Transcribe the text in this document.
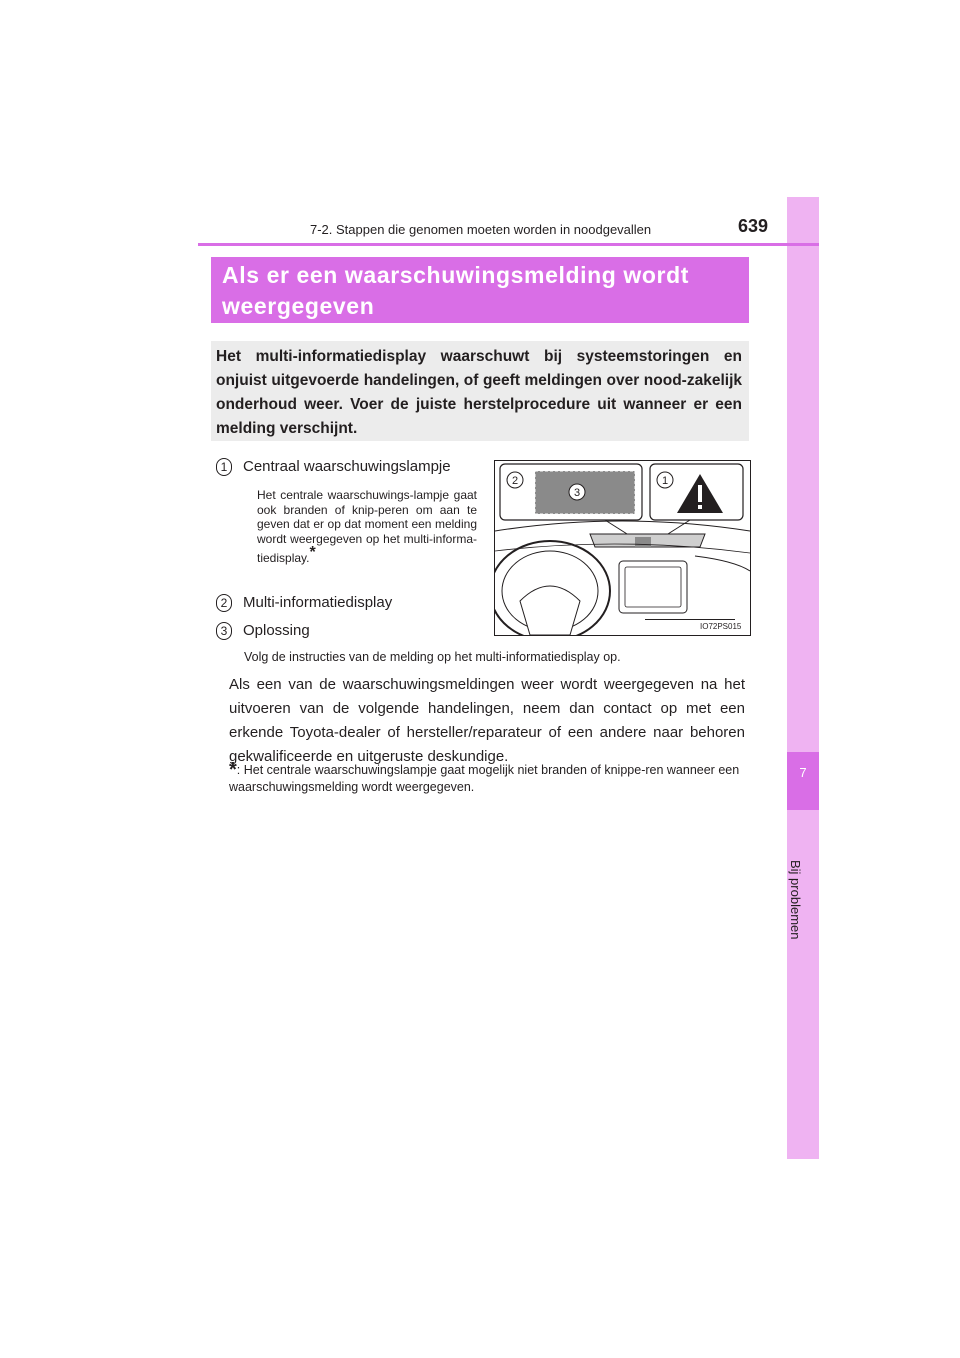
7
Bij problemen
7-2. Stappen die genomen moeten worden in noodgevallen	639
Als er een waarschuwingsmelding wordt weergegeven
Het multi-informatiedisplay waarschuwt bij systeemstoringen en onjuist uitgevoerde handelingen, of geeft meldingen over nood-zakelijk onderhoud weer. Voer de juiste herstelprocedure uit wanneer er een melding verschijnt.
1	Centraal waarschuwingslampje
Het centrale waarschuwings-lampje gaat ook branden of knip-peren om aan te geven dat er op dat moment een melding wordt weergegeven op het multi-informa-tiedisplay.*
2	Multi-informatiedisplay
3	Oplossing
Volg de instructies van de melding op het multi-informatiedisplay op.
Als een van de waarschuwingsmeldingen weer wordt weergegeven na het uitvoeren van de volgende handelingen, neem dan contact op met een erkende Toyota-dealer of hersteller/reparateur of een andere naar behoren gekwalificeerde en uitgeruste deskundige.
*: Het centrale waarschuwingslampje gaat mogelijk niet branden of knippe-ren wanneer een waarschuwingsmelding wordt weergegeven.
2
3
1
IO72PS015
